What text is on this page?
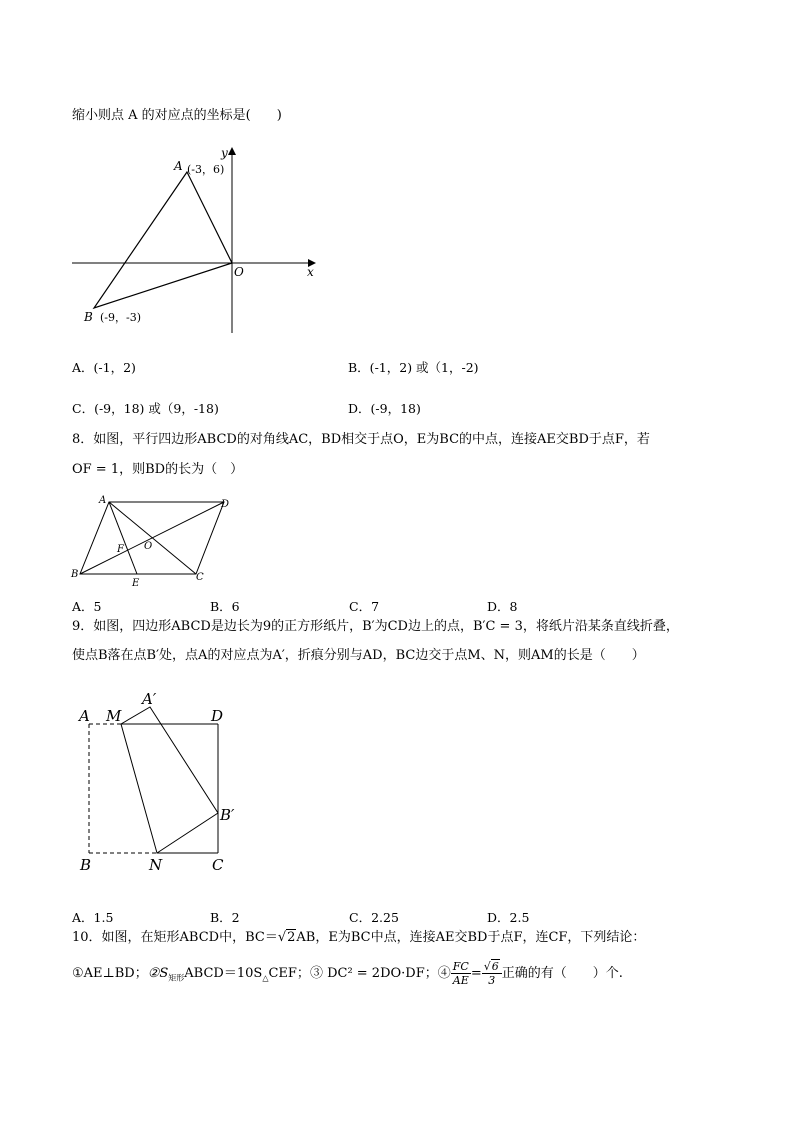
缩小则点 A 的对应点的坐标是(　　)
A (-3，6)
B (-9，-3)
O	x
y
A．(-1，2)	B．(-1，2) 或（1，-2)
C．(-9，18) 或（9，-18)	D．(-9，18)
8．如图，平行四边形ABCD的对角线AC，BD相交于点O，E为BC的中点，连接AE交BD于点F，若
OF = 1，则BD的长为（　）
A	D
B	C
E
F O
A．5	B．6	C．7	D．8
9．如图，四边形ABCD是边长为9的正方形纸片，B′为CD边上的点，B′C = 3，将纸片沿某条直线折叠，
使点B落在点B′处，点A的对应点为A′，折痕分别与AD，BC边交于点M、N，则AM的长是（　　）
A M
A′
D
B′
B	N	C
A．1.5	B．2	C．2.25	D．2.5
10．如图，在矩形ABCD中，BC＝√2AB，E为BC中点，连接AE交BD于点F，连CF，下列结论：
①AE⊥BD；$②S_{矩形}ABCD=10S_\triangle CEF$；③ DC² = 2DO·DF；④ $\frac{FC}{AE} = \frac{√6}{3}$ 正确的有（　　）个.
